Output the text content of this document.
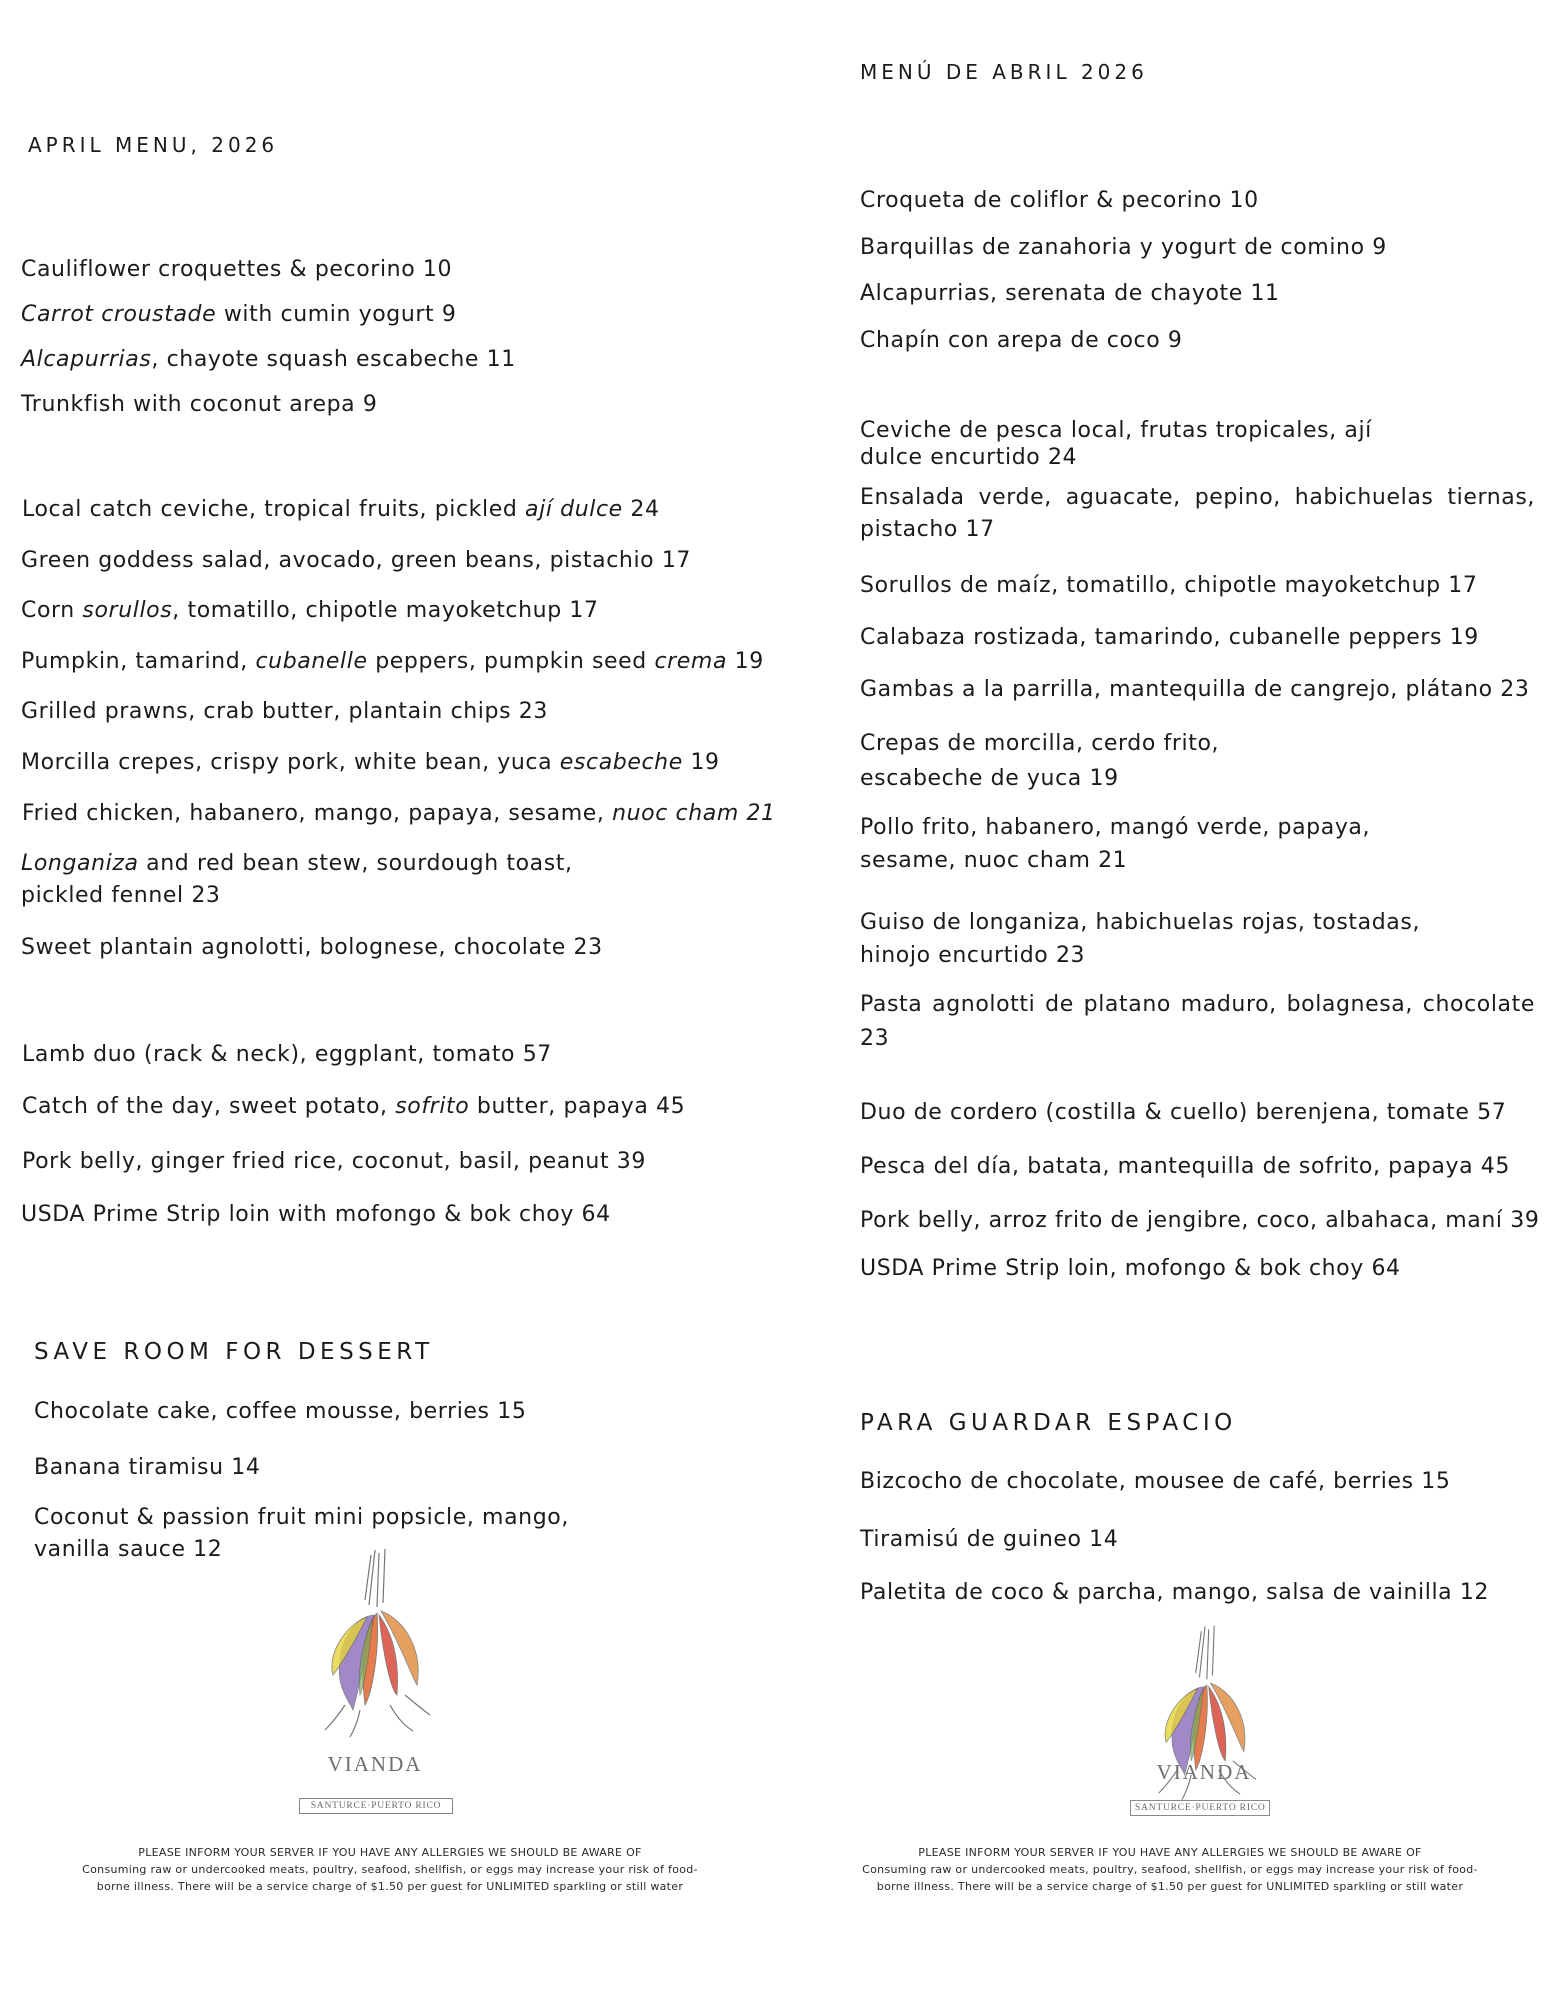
APRIL MENU, 2026
Cauliflower croquettes & pecorino 10
Carrot croustade with cumin yogurt 9
Alcapurrias, chayote squash escabeche 11
Trunkfish with coconut arepa 9
Local catch ceviche, tropical fruits, pickled ají dulce 24
Green goddess salad, avocado, green beans, pistachio 17
Corn sorullos, tomatillo, chipotle mayoketchup 17
Pumpkin, tamarind, cubanelle peppers, pumpkin seed crema 19
Grilled prawns, crab butter, plantain chips 23
Morcilla crepes, crispy pork, white bean, yuca escabeche 19
Fried chicken, habanero, mango, papaya, sesame, nuoc cham 21
Longaniza and red bean stew, sourdough toast, pickled fennel 23
Sweet plantain agnolotti, bolognese, chocolate 23
Lamb duo (rack & neck), eggplant, tomato 57
Catch of the day, sweet potato, sofrito butter, papaya 45
Pork belly, ginger fried rice, coconut, basil, peanut 39
USDA Prime Strip loin with mofongo & bok choy 64
SAVE ROOM FOR DESSERT
Chocolate cake, coffee mousse, berries 15
Banana tiramisu 14
Coconut & passion fruit mini popsicle, mango, vanilla sauce 12
VIANDA
SANTURCE·PUERTO RICO
PLEASE INFORM YOUR SERVER IF YOU HAVE ANY ALLERGIES WE SHOULD BE AWARE OF
Consuming raw or undercooked meats, poultry, seafood, shellfish, or eggs may increase your risk of food-
borne illness. There will be a service charge of $1.50 per guest for UNLIMITED sparkling or still water
MENÚ DE ABRIL 2026
Croqueta de coliflor & pecorino 10
Barquillas de zanahoria y yogurt de comino 9
Alcapurrias, serenata de chayote 11
Chapín con arepa de coco 9
Ceviche de pesca local, frutas tropicales, ají dulce encurtido 24
Ensalada verde, aguacate, pepino, habichuelas tiernas, pistacho 17
Sorullos de maíz, tomatillo, chipotle mayoketchup 17
Calabaza rostizada, tamarindo, cubanelle peppers 19
Gambas a la parrilla, mantequilla de cangrejo, plátano 23
Crepas de morcilla, cerdo frito, escabeche de yuca 19
Pollo frito, habanero, mangó verde, papaya, sesame, nuoc cham 21
Guiso de longaniza, habichuelas rojas, tostadas, hinojo encurtido 23
Pasta agnolotti de platano maduro, bolagnesa, chocolate 23
Duo de cordero (costilla & cuello) berenjena, tomate 57
Pesca del día, batata, mantequilla de sofrito, papaya 45
Pork belly, arroz frito de jengibre, coco, albahaca, maní 39
USDA Prime Strip loin, mofongo & bok choy 64
PARA GUARDAR ESPACIO
Bizcocho de chocolate, mousee de café, berries 15
Tiramisú de guineo 14
Paletita de coco & parcha, mango, salsa de vainilla 12
VIANDA
SANTURCE·PUERTO RICO
PLEASE INFORM YOUR SERVER IF YOU HAVE ANY ALLERGIES WE SHOULD BE AWARE OF
Consuming raw or undercooked meats, poultry, seafood, shellfish, or eggs may increase your risk of food-
borne illness. There will be a service charge of $1.50 per guest for UNLIMITED sparkling or still water
